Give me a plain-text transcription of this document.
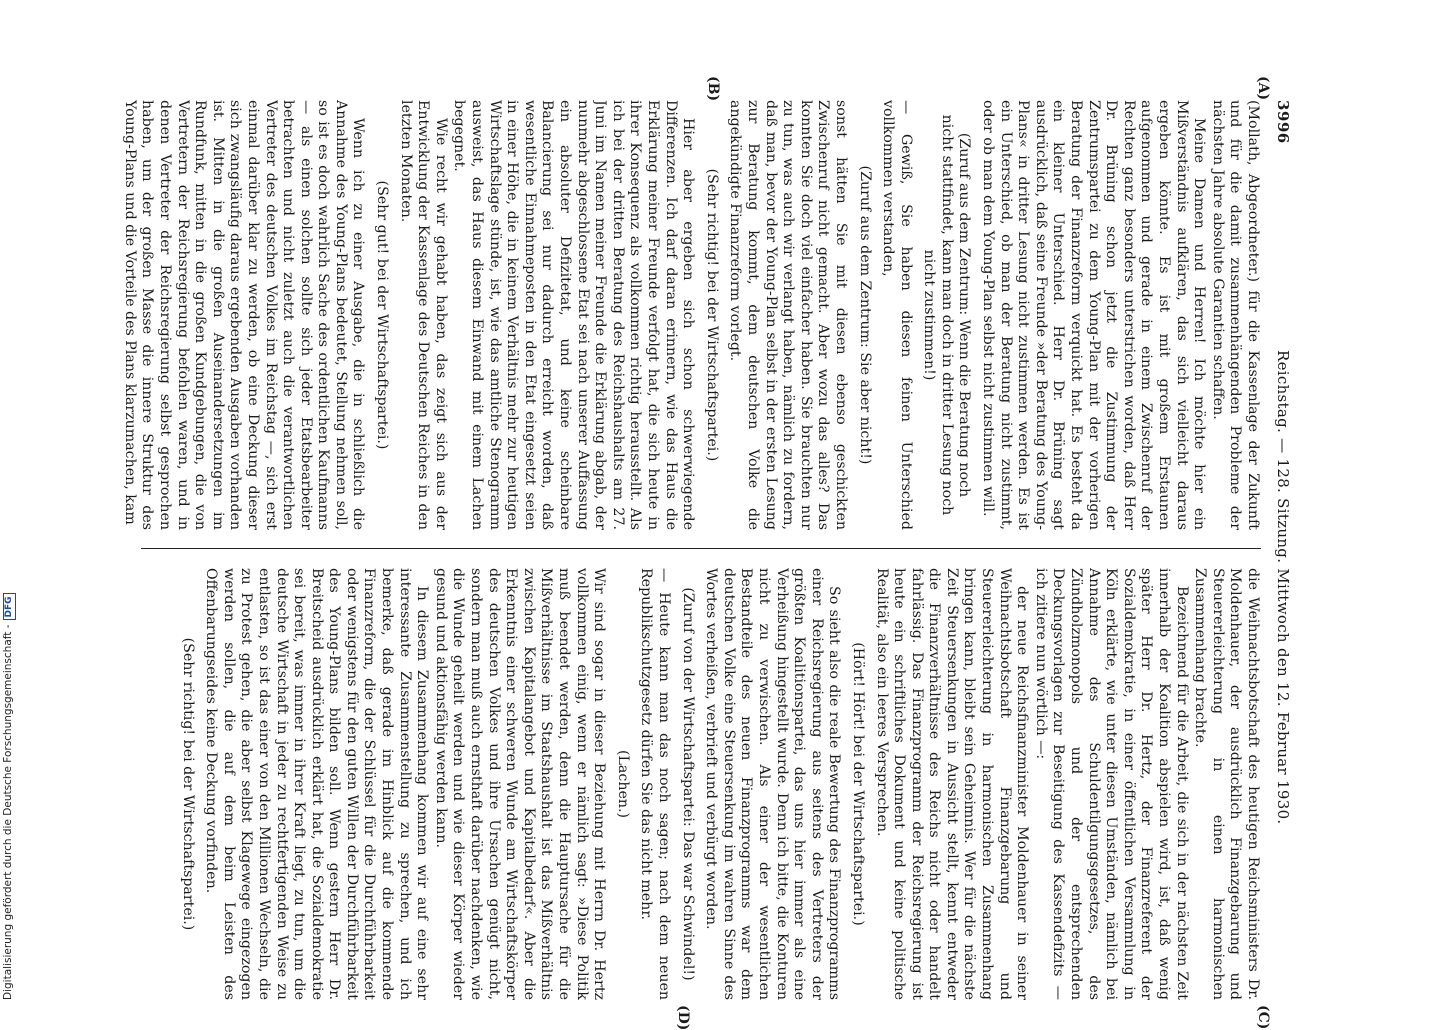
Digitalisierung gefördert durch die Deutsche Forschungsgemeinschaft -DFG
3996
Reichstag. — 128. Sitzung. Mittwoch den 12. Februar 1930.
(A)
(B)
(C)
(D)

(Mollath, Abgeordneter.) für die Kassenlage der Zukunft und für die damit zusammenhängenden Probleme der nächsten Jahre absolute Garantien schaffen.

Meine Damen und Herren! Ich möchte hier ein Mißverständnis aufklären, das sich vielleicht daraus ergeben könnte. Es ist mit großem Erstaunen aufgenommen und gerade in einem Zwischenruf der Rechten ganz besonders unterstrichen worden, daß Herr Dr. Brüning schon jetzt die Zustimmung der Zentrumspartei zu dem Young-Plan mit der vorherigen Beratung der Finanzreform verquickt hat. Es besteht da ein kleiner Unterschied. Herr Dr. Brüning sagt ausdrücklich, daß seine Freunde »der Beratung des Young-Plans« in dritter Lesung nicht zustimmen werden. Es ist ein Unterschied, ob man der Beratung nicht zustimmt, oder ob man dem Young-Plan selbst nicht zustimmen will.

(Zuruf aus dem Zentrum: Wenn die Beratung noch nicht stattfindet, kann man doch in dritter Lesung noch nicht zustimmen!)

— Gewiß, Sie haben diesen feinen Unterschied vollkommen verstanden,

(Zuruf aus dem Zentrum: Sie aber nicht!)

sonst hätten Sie mit diesen ebenso geschickten Zwischenruf nicht gemacht. Aber wozu das alles? Das konnten Sie doch viel einfacher haben. Sie brauchten nur zu tun, was auch wir verlangt haben, nämlich zu fordern, daß man, bevor der Young-Plan selbst in der ersten Lesung zur Beratung kommt, dem deutschen Volke die angekündigte Finanzreform vorlegt.

(Sehr richtig! bei der Wirtschaftspartei.)

Hier aber ergeben sich schon schwerwiegende Differenzen. Ich darf daran erinnern, wie das Haus die Erklärung meiner Freunde verfolgt hat, die sich heute in ihrer Konsequenz als vollkommen richtig herausstellt. Als ich bei der dritten Beratung des Reichshaushalts am 27. Juni im Namen meiner Freunde die Erklärung abgab, der nunmehr abgeschlossene Etat sei nach unserer Auffassung ein absoluter Defizitetat, und keine scheinbare Balancierung sei nur dadurch erreicht worden, daß wesentliche Einnahmeposten in den Etat eingesetzt seien in einer Höhe, die in keinem Verhältnis mehr zur heutigen Wirtschaftslage stünde, ist, wie das amtliche Stenogramm ausweist, das Haus diesem Einwand mit einem Lachen begegnet.

Wie recht wir gehabt haben, das zeigt sich aus der Entwicklung der Kassenlage des Deutschen Reiches in den letzten Monaten.

(Sehr gut! bei der Wirtschaftspartei.)

Wenn ich zu einer Ausgabe, die in schließlich die Annahme des Young-Plans bedeutet, Stellung nehmen soll, so ist es doch wahrlich Sache des ordentlichen Kaufmanns — als einen solchen sollte sich jeder Etatsbearbeiter betrachten und nicht zuletzt auch die verantwortlichen Vertreter des deutschen Volkes im Reichstag —, sich erst einmal darüber klar zu werden, ob eine Deckung dieser sich zwangsläufig daraus ergebenden Ausgaben vorhanden ist. Mitten in die großen Auseinandersetzungen im Rundfunk, mitten in die großen Kundgebungen, die von Vertretern der Reichsregierung befohlen waren, und in denen Vertreter der Reichsregierung selbst gesprochen haben, um der großen Masse die innere Struktur des Young-Plans und die Vorteile des Plans klarzumachen, kam

die Weihnachtsbotschaft des heutigen Reichsministers Dr. Moldenhauer, der ausdrücklich Finanzgebarung und Steuererleichterung in einen harmonischen Zusammenhang brachte.

Bezeichnend für die Arbeit, die sich in der nächsten Zeit innerhalb der Koalition abspielen wird, ist, daß wenig später Herr Dr. Hertz, der Finanzreferent der Sozialdemokratie, in einer öffentlichen Versammlung in Köln erklärte, wie unter diesen Umständen, nämlich bei Annahme des Schuldentilgungsgesetzes, des Zündholzmonopols und der entsprechenden Deckungsvorlagen zur Beseitigung des Kassendefizits — ich zitiere nun wörtlich —:

der neue Reichsfinanzminister Moldenhauer in seiner Weihnachtsbotschaft Finanzgebarung und Steuererleichterung in harmonischen Zusammenhang bringen kann, bleibt sein Geheimnis. Wer für die nächste Zeit Steuersenkungen in Aussicht stellt, kennt entweder die Finanzverhältnisse des Reichs nicht oder handelt fahrlässig. Das Finanzprogramm der Reichsregierung ist heute ein schriftliches Dokument und keine politische Realität, also ein leeres Versprechen.

(Hört! Hört! bei der Wirtschaftspartei.)

So sieht also die reale Bewertung des Finanzprogramms einer Reichsregierung aus seitens des Vertreters der größten Koalitionspartei, das uns hier immer als eine Verheißung hingestellt wurde. Denn ich bitte, die Konturen nicht zu verwischen. Als einer der wesentlichen Bestandteile des neuen Finanzprogramms war dem deutschen Volke eine Steuersenkung im wahren Sinne des Wortes verheißen, verbrieft und verbürgt worden.

(Zuruf von der Wirtschaftspartei: Das war Schwindel!)

— Heute kann man das noch sagen; nach dem neuen Republikschutzgesetz dürfen Sie das nicht mehr.

(Lachen.)

Wir sind sogar in dieser Beziehung mit Herrn Dr. Hertz vollkommen einig, wenn er nämlich sagt: »Diese Politik muß beendet werden, denn die Hauptursache für die Mißverhältnisse im Staatshaushalt ist das Mißverhältnis zwischen Kapitalangebot und Kapitalbedarf«. Aber die Erkenntnis einer schweren Wunde am Wirtschaftskörper des deutschen Volkes und ihre Ursachen genügt nicht, sondern man muß auch ernsthaft darüber nachdenken, wie die Wunde geheilt werden und wie dieser Körper wieder gesund und aktionsfähig werden kann.

In diesem Zusammenhang kommen wir auf eine sehr interessante Zusammenstellung zu sprechen, und ich bemerke, daß gerade im Hinblick auf die kommende Finanzreform, die der Schlüssel für die Durchführbarkeit oder wenigstens für den guten Willen der Durchführbarkeit des Young-Plans bilden soll. Wenn gestern Herr Dr. Breitscheid ausdrücklich erklärt hat, die Sozialdemokratie sei bereit, was immer in ihrer Kraft liegt, zu tun, um die deutsche Wirtschaft in jeder zu rechtfertigenden Weise zu entlasten, so ist das einer von den Millionen Wechseln, die zu Protest gehen, die aber selbst Klagewege eingezogen werden sollen, die auf dem beim Leisten des Offenbarungseides keine Deckung vorfinden.

(Sehr richtig! bei der Wirtschaftspartei.)
